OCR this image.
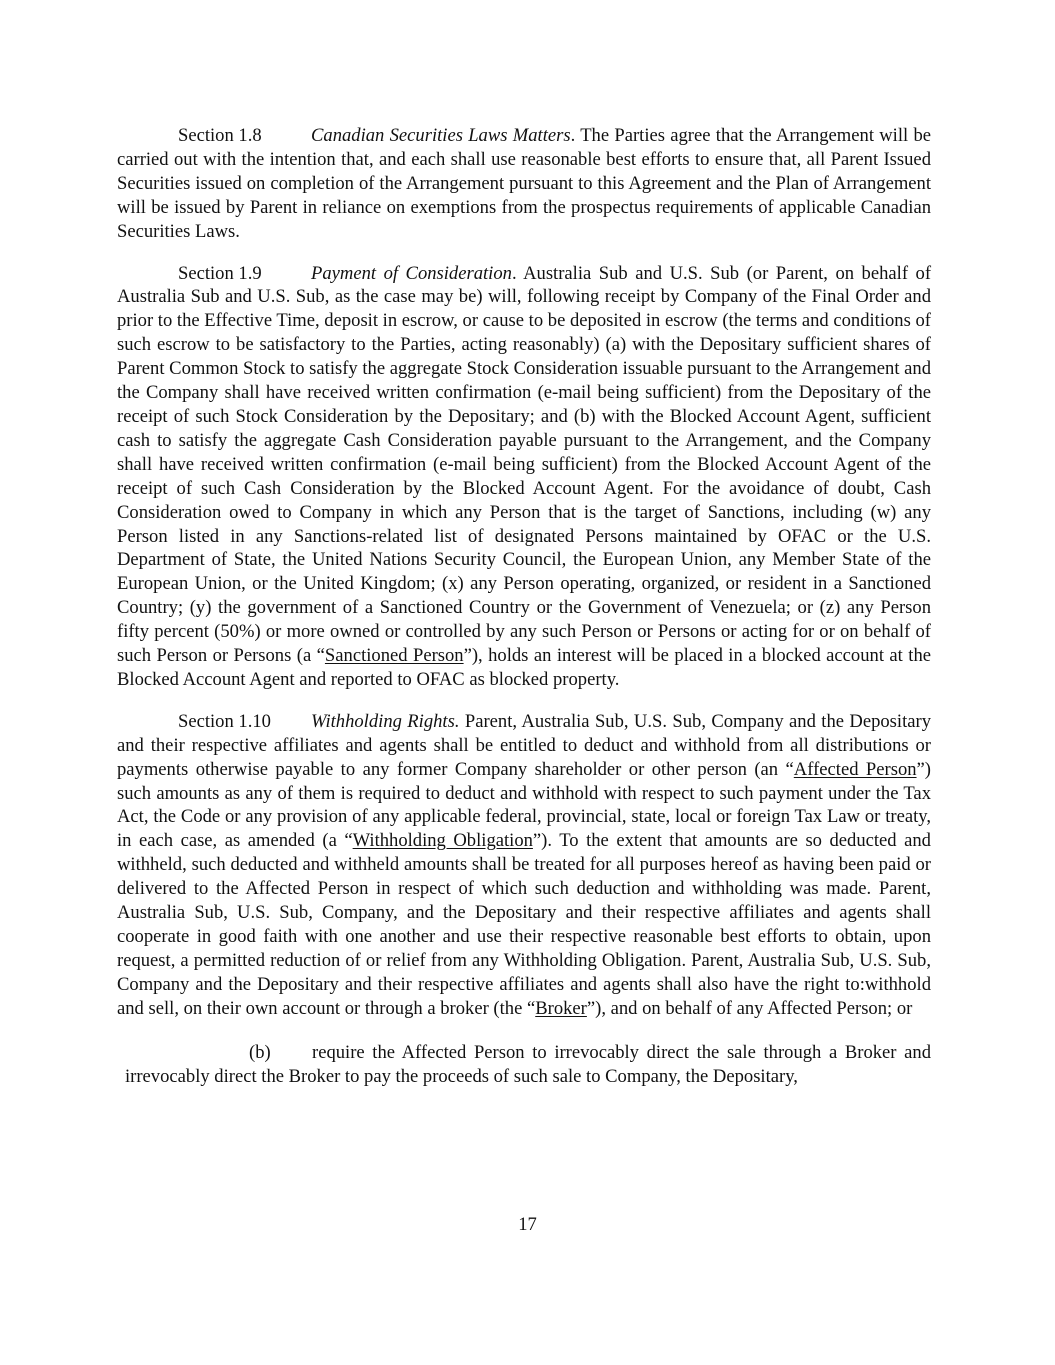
Section 1.8	Canadian Securities Laws Matters. The Parties agree that the Arrangement will be carried out with the intention that, and each shall use reasonable best efforts to ensure that, all Parent Issued Securities issued on completion of the Arrangement pursuant to this Agreement and the Plan of Arrangement will be issued by Parent in reliance on exemptions from the prospectus requirements of applicable Canadian Securities Laws.

Section 1.9	Payment of Consideration. Australia Sub and U.S. Sub (or Parent, on behalf of Australia Sub and U.S. Sub, as the case may be) will, following receipt by Company of the Final Order and prior to the Effective Time, deposit in escrow, or cause to be deposited in escrow (the terms and conditions of such escrow to be satisfactory to the Parties, acting reasonably) (a) with the Depositary sufficient shares of Parent Common Stock to satisfy the aggregate Stock Consideration issuable pursuant to the Arrangement and the Company shall have received written confirmation (e-mail being sufficient) from the Depositary of the receipt of such Stock Consideration by the Depositary; and (b) with the Blocked Account Agent, sufficient cash to satisfy the aggregate Cash Consideration payable pursuant to the Arrangement, and the Company shall have received written confirmation (e-mail being sufficient) from the Blocked Account Agent of the receipt of such Cash Consideration by the Blocked Account Agent. For the avoidance of doubt, Cash Consideration owed to Company in which any Person that is the target of Sanctions, including (w) any Person listed in any Sanctions-related list of designated Persons maintained by OFAC or the U.S. Department of State, the United Nations Security Council, the European Union, any Member State of the European Union, or the United Kingdom; (x) any Person operating, organized, or resident in a Sanctioned Country; (y) the government of a Sanctioned Country or the Government of Venezuela; or (z) any Person fifty percent (50%) or more owned or controlled by any such Person or Persons or acting for or on behalf of such Person or Persons (a “Sanctioned Person”), holds an interest will be placed in a blocked account at the Blocked Account Agent and reported to OFAC as blocked property.

Section 1.10 Withholding Rights. Parent, Australia Sub, U.S. Sub, Company and the Depositary and their respective affiliates and agents shall be entitled to deduct and withhold from all distributions or payments otherwise payable to any former Company shareholder or other person (an “Affected Person”) such amounts as any of them is required to deduct and withhold with respect to such payment under the Tax Act, the Code or any provision of any applicable federal, provincial, state, local or foreign Tax Law or treaty, in each case, as amended (a “Withholding Obligation”). To the extent that amounts are so deducted and withheld, such deducted and withheld amounts shall be treated for all purposes hereof as having been paid or delivered to the Affected Person in respect of which such deduction and withholding was made. Parent, Australia Sub, U.S. Sub, Company, and the Depositary and their respective affiliates and agents shall cooperate in good faith with one another and use their respective reasonable best efforts to obtain, upon request, a permitted reduction of or relief from any Withholding Obligation. Parent, Australia Sub, U.S. Sub, Company and the Depositary and their respective affiliates and agents shall also have the right to:withhold and sell, on their own account or through a broker (the “Broker”), and on behalf of any Affected Person; or

(b) require the Affected Person to irrevocably direct the sale through a Broker and irrevocably direct the Broker to pay the proceeds of such sale to Company, the Depositary,

17
